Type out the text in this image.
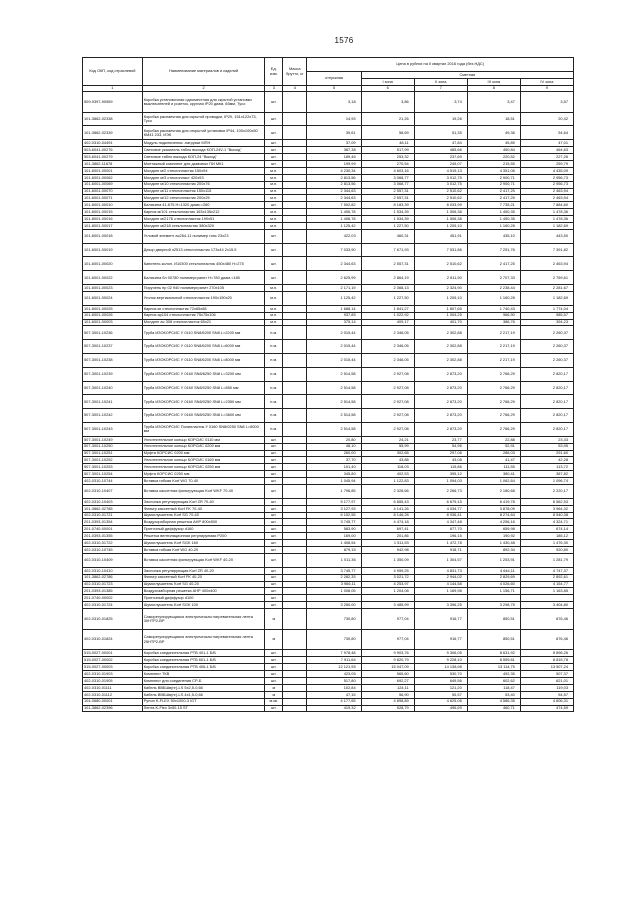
1576
Код ОКП, код отраслевой	Наименование материалов и изделий	Ед. изм.	Масса брутто, кг	Цена в рублях на II квартал 2016 года (без НДС)				
				отпускная	Сметная			
					I зона	II зона	III зона	IV зона
1	2	3	4	5	6	7	8	9
509-9397-90559	Коробка установочная одноместная для скрытой установки выключателей и розеток, круглая IP20 диам. 65мм, Тусо	шт.		3,18	3,86	3,74	3,47	3,57
101-3862-02338	Коробка распаечная для скрытой проводки, IP20, 151x122x73, Тусо	шт.		14,93	21,26	19,26	18,51	20,42
101-3862-02339	Коробка распаечная для открытой установки IP44, 100x100x50 КМ41 233, ИЭК	шт.		39,61	58,69	51,35	49,38	54,64
402-0310-04491	Модуль подключения -нагрузки МПН	шт.		37,09	48,11	47,84	45,89	47,01
503-6041-00276	Световое указатель табло выхода КОП-24V-1 "Выход"	шт.		387,38	517,99	485,66	450,84	464,63
503-6041-00279	Световое табло выхода КОП-24 "Выход"	шт.		189,46	253,32	237,69	220,52	227,26
101-3862-11878	Монтажный комплект для дымовых ПИ МК1	шт.		199,99	270,54	245,07	215,55	259,79
101-6001-00001	Молдинг м/2 стеклопластик 150x94	м.п.		4 230,34	4 603,16	4 519,13	4 351,06	4 435,09
101-6001-00062	Молдинг м/3 стеклопласт 420x53	м.п.		2 813,56	3 068,77	3 012,75	2 900,71	2 956,73
101-6001-00069	Молдинг м/10 стеклопластик 200x76	м.п.		2 813,56	3 068,77	3 012,75	2 900,71	2 956,73
101-6001-00070	Молдинг м/11 стеклопластик 150x115	м.п.		2 344,63	2 557,31	2 510,62	2 417,25	2 463,94
101-6001-00071	Молдинг м/12 стеклопластик 200x25	м.п.		2 344,63	2 557,31	2 510,62	2 417,25	2 463,94
101-6001-00010	Балясина 41-675 Н=1320 диам.=260	шт.		7 502,82	8 183,39	8 033,99	7 735,21	7 884,60
101-6001-00015	Карниз м/101 стеклопластик 163x135x212	м.п.		1 406,78	1 534,39	1 506,38	1 450,35	1 478,36
101-8001-00016	Молдинг м/217Б стеклопластик 190x51	м.п.		1 406,78	1 534,39	1 506,38	1 450,35	1 478,36
101-8001-00017	Молдинг м/218 стеклопластик 380x320	м.п.		1 125,42	1 227,50	1 205,10	1 160,28	1 182,69
101-6001-00018	Угловой элемент ac264-11 полимер гипс 23x23	шт.		422,03	460,31	451,91	435,10	443,50
101-6001-00019	Декор дверной э2513 стеклопластик 173x44 2x15.5	шт.		7 033,90	7 671,93	7 531,86	7 251,76	7 391,82
101-6001-00020	Капитель колон. И10300 стеклопластик 450x480 Н=275	шт.		2 344,63	2 557,31	2 510,62	2 417,25	2 463,94
101-6001-00022	Балясина бл 00780 полимергранит Н=780 диам.=180	шт.		2 625,99	2 864,19	2 811,90	2 707,33	2 759,61
101-6001-00023	Поручень пр 02 940 полимергранит 270x105	м.п.		2 171,19	2 368,13	2 324,90	2 238,44	2 281,67
101-6001-00024	Уголок вертикальный стеклопластик 190x190x20	м.п.		1 125,42	1 227,50	1 205,10	1 160,28	1 182,69
101-6001-00025	Карниз кп стеклопластик 72x65x68	м.п.		1 688,14	1 841,27	1 807,65	1 740,43	1 774,04
101-6001-00026	Карниз ар104 стеклопластик 75x75x106	м.п.		937,85	1 022,92	1 004,25	966,90	985,57
101-6001-00003	Молдинг ас 308 стеклопластик 65x21	м.п.		375,14	409,17	401,70	386,76	394,23
507-3001-10236	Труба ИЗОКОРСИС У 0110 SN8/6200 SN8 L=2200 мм	п.м.		2 015,44	2 346,05	2 302,88	2 217,19	2 260,37
507-3001-10237	Труба ИЗОКОРСИС У 0110 SN8/6200 SN8 L=6000 мм	п.м.		2 015,44	2 346,05	2 302,88	2 217,19	2 260,37
507-3001-10238	Труба ИЗОКОРСИС У 0110 SN8/6200 SN8 L=8000 мм	п.м.		2 015,44	2 346,05	2 302,88	2 217,19	2 260,37
507-3001-10239	Труба ИЗОКОРСИС У 0160 SN8/6250 SN8 L=3200 мм	п.м.		2 514,58	2 927,08	2 873,20	2 766,29	2 820,17
507-3001-10240	Труба ИЗОКОРСИС У 0160 SN8/0250 SN8 L=850 мм	п.м.		2 514,58	2 927,08	2 873,20	2 766,29	2 820,17
507-3001-10241	Труба ИЗОКОРСИС У 0160 SN8/0250 SN8 L=2350 мм	п.м.		2 514,58	2 927,08	2 873,20	2 766,29	2 820,17
507-3001-10242	Труба ИЗОКОРСИС У 0160 SN8/0250 SN8 L=3600 мм	п.м.		2 514,58	2 927,08	2 873,20	2 766,29	2 820,17
507-3001-10243	Труба ИЗОКОРСИС Полипластик У 0160 SN8/0250 SN8 L=6000 мм	п.м.		2 514,58	2 927,08	2 873,20	2 766,29	2 820,17
507-3001-10249	Уплотнительное кольцо КОРСИС 0110 мм	шт.		20,80	24,21	23,77	22,88	23,33
507-3001-10250	Уплотнительное кольцо КОРСИС 0200 мм	шт.		48,10	55,99	54,96	52,91	53,95
507-3001-10251	Муфта КОРСИС 0200 мм	шт.		260,00	302,65	297,08	286,03	291,60
507-3001-10252	Уплотнительное кольцо КОРСИС 0160 мм	шт.		37,70	43,88	43,08	41,47	42,28
507-3001-10253	Уплотнительное кольцо КОРСИС 0250 мм	шт.		101,40	118,03	115,86	111,55	113,72
507-3001-10254	Муфта КОРСИС 0250 мм	шт.		345,80	402,53	395,12	380,41	387,82
402-0310-10744	Вставка гибкая Korf WG 70-40	шт.		1 045,94	1 122,83	1 094,03	1 062,64	1 096,74
402-0310-10407	Вставка кассетная фильтрующая Korf WKF 70-40	шт.		1 796,85	2 328,66	2 266,73	2 180,68	2 220,17
402-0310-10403	Заслонка регулирующая Korf ZR 70-40	шт.		5 177,97	6 855,43	6 679,15	6 419,78	6 562,53
101-3862-02785	Фильтр кассетный Korf FK 70-40	шт.		3 127,93	4 141,26	4 034,77	3 878,09	3 964,32
402-0310-01721	Шумоглушитель Korf SG 70-40	шт.		6 152,55	8 146,28	8 936,41	8 274,64	8 540,38
201-0393-01354	Воздухораборная решетка АНР 800x500	шт.		3 745,77	4 474,18	4 347,48	4 256,16	4 324,71
201-0740-00001	Приточный диффузор d160	шт.		583,90	697,41	677,70	659,98	674,14
201-0393-01355	Решетка вентиляционная регулируемая Р200	шт.		169,00	201,86	196,15	190,92	185,12
402-0310-01722	Шумоглушитель Korf SGK 160	шт.		1 408,54	1 511,53	1 472,78	1 430,48	1 476,30
402-0310-10745	Вставка гибкая Korf WG 40-20	шт.		879,15	942,98	918,71	892,34	920,80
402-0310-10409	Вставка кассетная фильтрующая Korf WKF 40-20	шт.		1 011,36	1 350,09	1 304,57	1 253,91	1 281,79
402-0310-10410	Заслонка регулирующая Korf ZR 40-20	шт.		3 745,77	4 959,25	4 831,73	4 644,11	4 747,37
101-3862-02786	Фильтр кассетный Korf FK 40-20	шт.		2 282,33	3 021,72	2 944,02	2 829,69	2 892,61
402-0310-01723	Шумоглушитель Korf SG 40-20	шт.		3 966,11	4 253,97	4 144,58	4 026,60	4 154,77
201-0393-01385	Воздухозаборная решетка АНР 400x400	шт.		1 008,05	1 204,08	1 169,98	1 156,71	1 163,85
201-0740-00002	Приточный диффузор d100	шт.						
402-0310-01724	Шумоглушитель Korf SGK 100	шт.		3 250,00	3 485,99	3 396,25	3 298,75	3 404,80
402-0310-01825	Саморегулирующаяся электрическая нагревательная лента 30НТР2-ВР	м		730,80	977,04	916,77	850,51	876,46
402-0310-01824	Саморегулирующаяся электрическая нагревательная лента 25НТР2-ВР	м		730,80	977,04	916,77	850,51	876,46
515-0027-00001	Коробка соединительная РТВ 401-1 Б/Б	шт.		7 978,48	9 903,76	9 306,05	8 631,92	8 896,26
515-0027-00002	Коробка соединительная РТВ 601-1 Б/Б	шт.		7 911,64	9 820,79	9 228,10	8 559,61	8 815,78
515-0027-00003	Коробка соединительная РТВ 406-1 Б/Б	шт.		12 121,95	15 047,09	14 138,98	13 114,75	13 507,24
402-0310-01903	Комплект ТКВ	шт.		423,05	565,60	530,70	492,35	507,37
402-0310-01905	Комплект для соединения СР-Б	шт.		517,80	692,27	649,56	602,62	621,01
402-0310-01111	Кабель ВВБШв(нг)-LS 5x2,5-0,66	м		102,84	124,11	121,20	118,47	119,03
402-0310-01112	Кабель ВВБШв(нг)-LS 4x1,5-0,66	м		47,15	56,90	55,57	53,40	54,57
104-0680-00001	Рулон K-FLEX 50x1000-3 IGT	м.кв.		4 177,65	4 898,89	4 625,06	4 586,35	4 606,31
101-3862-02396	Лента K-Flex 3x50-15 ST	шт.		419,32	528,79	496,69	460,71	474,59
